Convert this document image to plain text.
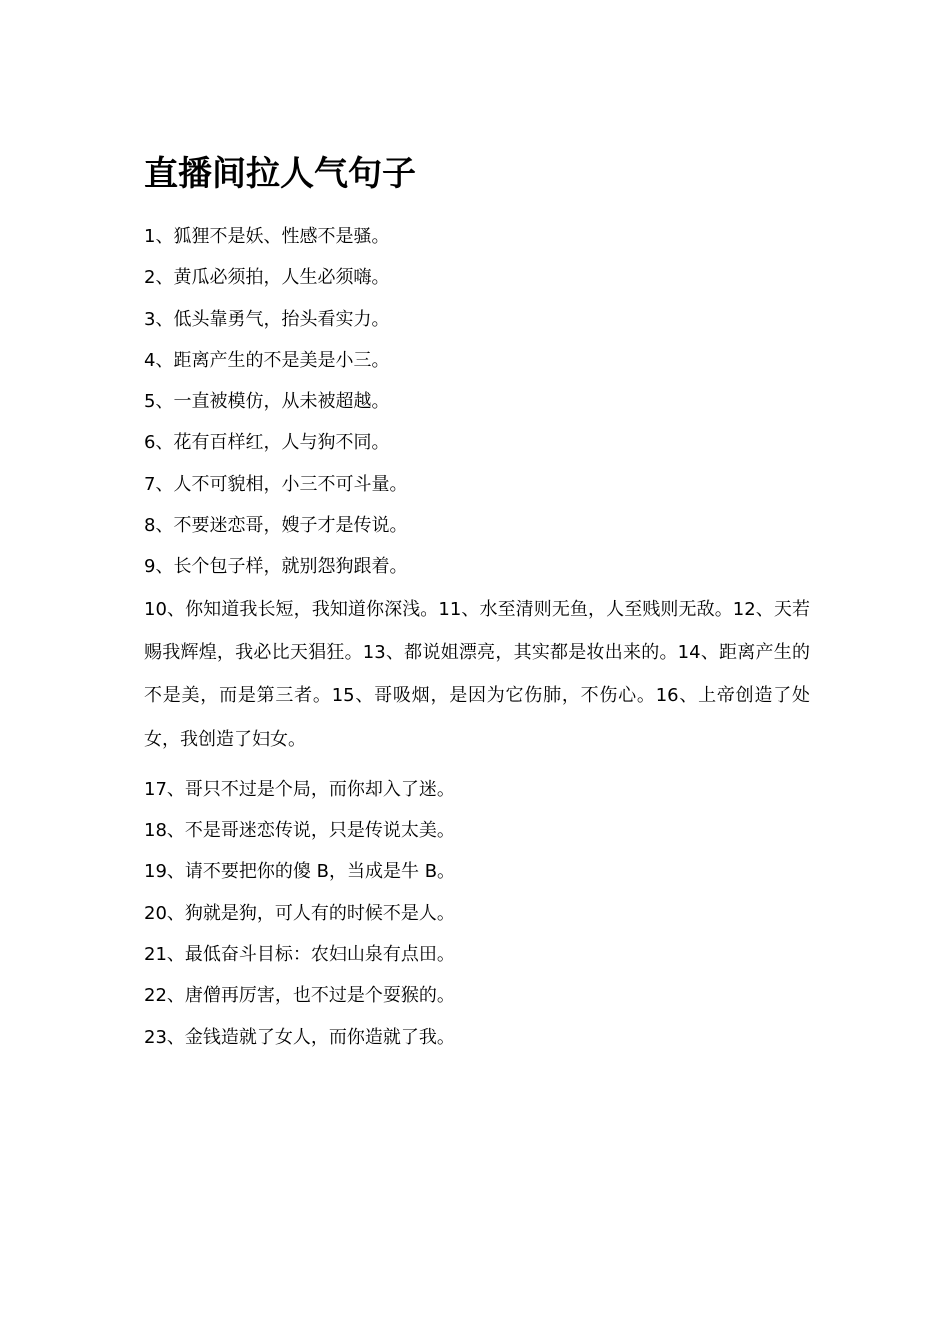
直播间拉人气句子

1、狐狸不是妖、性感不是骚。

2、黄瓜必须拍，人生必须嗨。

3、低头靠勇气，抬头看实力。

4、距离产生的不是美是小三。

5、一直被模仿，从未被超越。

6、花有百样红，人与狗不同。

7、人不可貌相，小三不可斗量。

8、不要迷恋哥，嫂子才是传说。

9、长个包子样，就别怨狗跟着。

10、你知道我长短，我知道你深浅。11、水至清则无鱼，人至贱则无敌。12、天若赐我辉煌，我必比天猖狂。13、都说姐漂亮，其实都是妆出来的。14、距离产生的不是美，而是第三者。15、哥吸烟，是因为它伤肺，不伤心。16、上帝创造了处女，我创造了妇女。

17、哥只不过是个局，而你却入了迷。

18、不是哥迷恋传说，只是传说太美。

19、请不要把你的傻 B，当成是牛 B。

20、狗就是狗，可人有的时候不是人。

21、最低奋斗目标：农妇山泉有点田。

22、唐僧再厉害，也不过是个耍猴的。

23、金钱造就了女人，而你造就了我。
